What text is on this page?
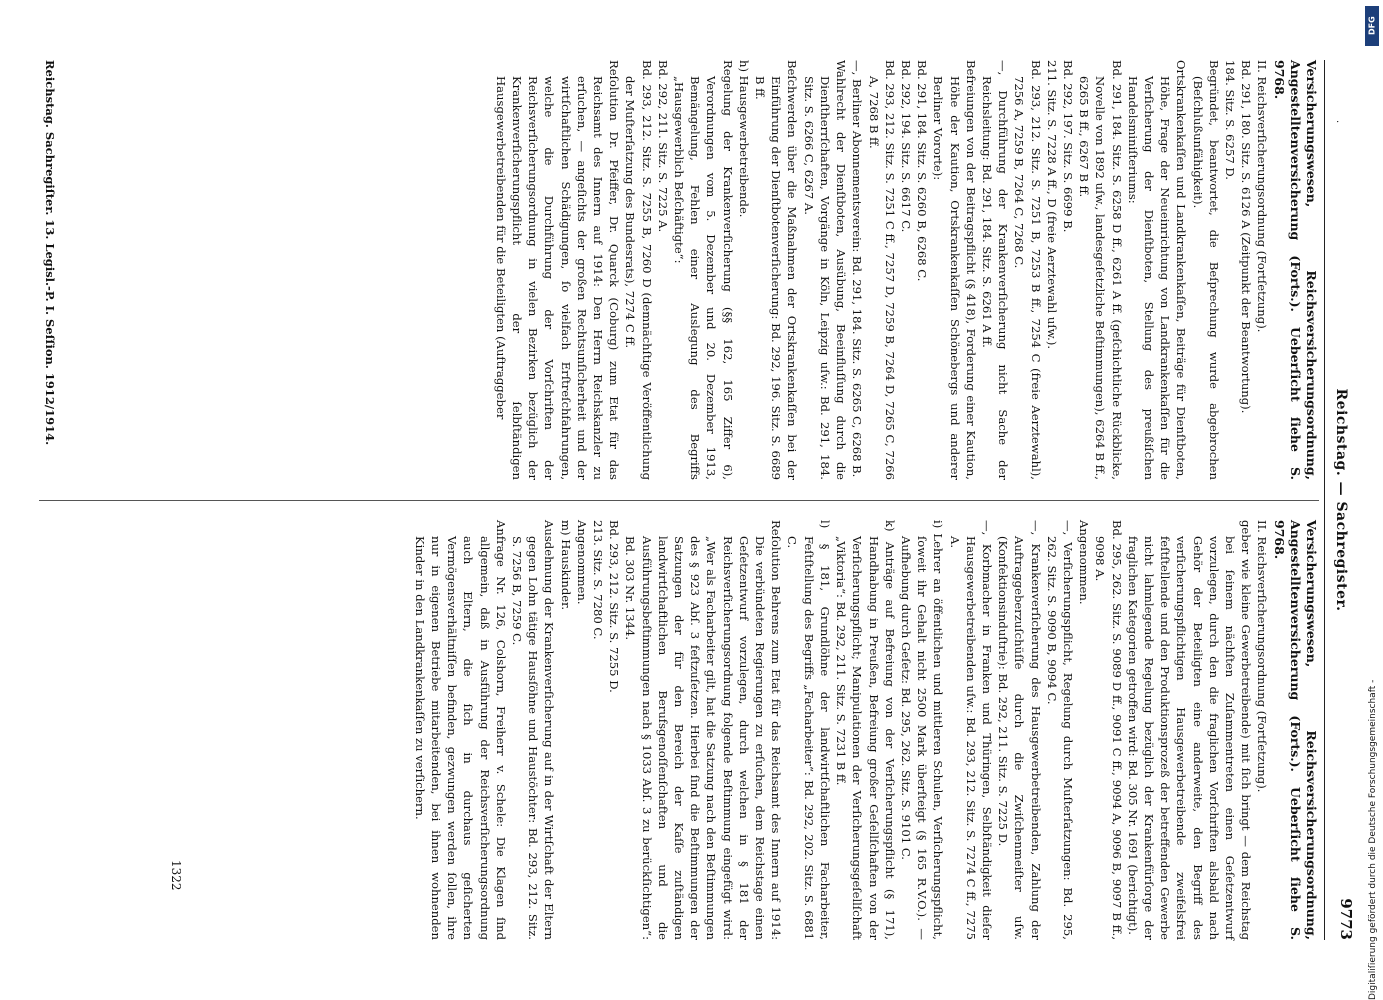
.
Reichstag. — Sachregister.
9773

Versicherungswesen, Reichsversicherungsordnung, Angestelltenversicherung (Forts.). Ueberſicht ſiehe S. 9768.

II. Reichsverſicherungsordnung (Fortſetzung).

Bd. 291, 180. Sitz. S. 6126 A (Zeitpunkt der Beantwortung).

184. Sitz. S. 6257 D.

Begründet, beantwortet, die Beſprechung wurde abgebrochen (Beſchlußunfähigkeit).

Ortskrankenkaſſen und Landkrankenkaſſen, Beiträge für Dienſtboten, Höhe, Frage der Neueinrichtung von Landkrankenkaſſen für die Verſicherung der Dienſtboten, Stellung des preußiſchen Handelsminiſteriums:

Bd. 291, 184. Sitz. S. 6258 D ff., 6261 A ff. (geſchichtliche Rückblicke, Novelle von 1892 uſw., landesgeſetzliche Beſtimmungen), 6264 B ff., 6265 B ff., 6267 B ff.

Bd. 292, 197. Sitz. S. 6699 B.

211. Sitz. S. 7228 A ff., D (freie Aerztewahl uſw.).

Bd. 293, 212. Sitz. S. 7251 B, 7253 B ff., 7254 C (freie Aerztewahl), 7256 A, 7259 B, 7264 C, 7268 C.

—, Durchführung der Krankenverſicherung nicht Sache der Reichsleitung: Bd. 291, 184. Sitz. S. 6261 A ff.

Befreiungen von der Beitragspflicht (§ 418), Forderung einer Kaution, Höhe der Kaution, Ortskrankenkaſſen Schönebergs und anderer Berliner Vororte):

Bd. 291, 184. Sitz. S. 6260 B, 6268 C.

Bd. 292, 194. Sitz. S. 6617 C.

Bd. 293, 212. Sitz. S. 7251 C ff., 7257 D, 7259 B, 7264 D, 7265 C, 7266 A, 7268 B ff.

—, Berliner Abonnementsverein: Bd. 291, 184. Sitz. S. 6265 C, 6268 B.

Wahlrecht der Dienſtboten, Ausübung, Beeinfluſſung durch die Dienſtherrſchaften, Vorgänge in Köln, Leipzig uſw.: Bd. 291, 184. Sitz. S. 6266 C, 6267 A.

Beſchwerden über die Maßnahmen der Ortskrankenkaſſen bei der Einführung der Dienſtbotenverſicherung: Bd. 292, 196. Sitz. S. 6689 B ff.

h) Hausgewerbetreibende.

Regelung der Krankenverſicherung (§§ 162, 165 Ziffer 6), Verordnungen vom 5. Dezember und 20. Dezember 1913, Bemängelung, Fehlen einer Auslegung des Begriffs „Hausgewerblich Beſchäftigte“:

Bd. 292, 211. Sitz. S. 7225 A.

Bd. 293, 212. Sitz. S. 7255 B, 7260 D (demnächſtige Veröffentlichung der Muſterſatzung des Bundesrats), 7274 C ff.

Reſolution Dr. Pfeiffer, Dr. Quarck (Coburg) zum Etat für das Reichsamt des Innern auf 1914: Den Herrn Reichskanzler zu erſuchen, — angeſichts der großen Rechtsunſicherheit und der wirtſchaftlichen Schädigungen, ſo vielfach Erſtreſchfahrungen, welche die Durchführung der Vorſchriften der Reichsverſicherungsordnung in vielen Bezirken bezüglich der Krankenverſicherungspflicht der ſelbſtändigen Hausgewerbetreibenden für die Beteiligten (Auftraggeber

Versicherungswesen, Reichsversicherungsordnung, Angestelltenversicherung (Forts.). Ueberſicht ſiehe S. 9768.

II. Reichsverſicherungsordnung (Fortſetzung).

geber wie kleine Gewerbetreibende) mit ſich bringt — dem Reichstag bei ſeinem nächſten Zuſammentreten einen Geſetzentwurf vorzulegen, durch den die fraglichen Vorſchriften alsbald nach Gehör der Beteiligten eine anderweite, den Begriff des verſicherungspflichtigen Hausgewerbetreibende zweifelsfrei feſtſtellende und den Produktionsprozeß der betreffenden Gewerbe nicht lahmlegende Regelung bezüglich der Krankenfürſorge der fraglichen Kategorien getroffen wird: Bd. 305 Nr. 1691 (berichtigt).

Bd. 295, 262. Sitz. S. 9089 D ff., 9091 C ff., 9094 A, 9096 B, 9097 B ff., 9098 A.

Angenommen.

—, Verſicherungspflicht, Regelung durch Muſterſatzungen: Bd. 295, 262. Sitz. S. 9090 B, 9094 C.

—, Krankenverſicherung des Hausgewerbetreibenden, Zahlung der Auftraggeberzuſchüſſe durch die Zwiſchenmeiſter uſw. (Konfektionsinduſtrie): Bd. 292, 211. Sitz. S. 7225 D.

—, Korbmacher in Franken und Thüringen, Selbſtändigkeit dieſer Hausgewerbetreibenden uſw.: Bd. 293, 212. Sitz. S. 7274 C ff., 7275 A.

i) Lehrer an öffentlichen und mittleren Schulen, Verſicherungspflicht, ſoweit ihr Gehalt nicht 2500 Mark überſteigt (§ 165 R.V.O.). — Aufhebung durch Geſetz: Bd. 295, 262. Sitz. S. 9101 C.

k) Anträge auf Befreiung von der Verſicherungspflicht (§ 171), Handhabung in Preußen, Befreiung großer Geſellſchaften von der Verſicherungspflicht; Manipulationen der Verſicherungsgeſellſchaft „Viktoria“: Bd. 292, 211. Sitz. S. 7231 B ff.

l) § 181, Grundlöhne der landwirtſchaftlichen Facharbeiter, Feſtſtellung des Begriffs „Facharbeiter“: Bd. 292, 202. Sitz. S. 6881 C.

Reſolution Behrens zum Etat für das Reichsamt des Innern auf 1914: Die verbündeten Regierungen zu erſuchen, dem Reichstage einen Geſetzentwurf vorzulegen, durch welchen in § 181 der Reichsverſicherungsordnung folgende Beſtimmung eingefügt wird: „Wer als Facharbeiter gilt, hat die Satzung nach den Beſtimmungen des § 923 Abſ. 3 feſtzuſetzen. Hierbei ſind die Beſtimmungen der Satzungen der für den Bereich der Kaſſe zuſtändigen landwirtſchaftlichen Berufsgenoſſenſchaften und die Ausführungsbeſtimmungen nach § 1033 Abſ. 3 zu berückſichtigen“: Bd. 303 Nr. 1344.

Bd. 293, 212. Sitz. S. 7255 D.

213. Sitz. S. 7280 C.

Angenommen.

m) Hauskinder.

Ausdehnung der Krankenverſicherung auf in der Wirtſchaft der Eltern gegen Lohn tätige Hausſöhne und Haustöchter: Bd. 293, 212. Sitz. S. 7256 B, 7259 C.

Anfrage Nr. 126, Colshorn, Freiherr v. Schele: Die Klagen ſind allgemein, daß in Ausführung der Reichsverſicherungsordnung auch Eltern, die ſich in durchaus geſicherten Vermögensverhältniſſen befinden, gezwungen werden ſollen, ihre nur in eigenen Betriebe mitarbeitenden, bei ihnen wohnenden Kinder in den Landkrankenkaſſen zu verſichern.

Reichstag. Sachregiſter. 13. Legisl.-P. I. Seſſion. 1912/1914.
1322
DFG
Digitaliſierung gefördert durch die Deutsche Forschungsgemeinschaft -
